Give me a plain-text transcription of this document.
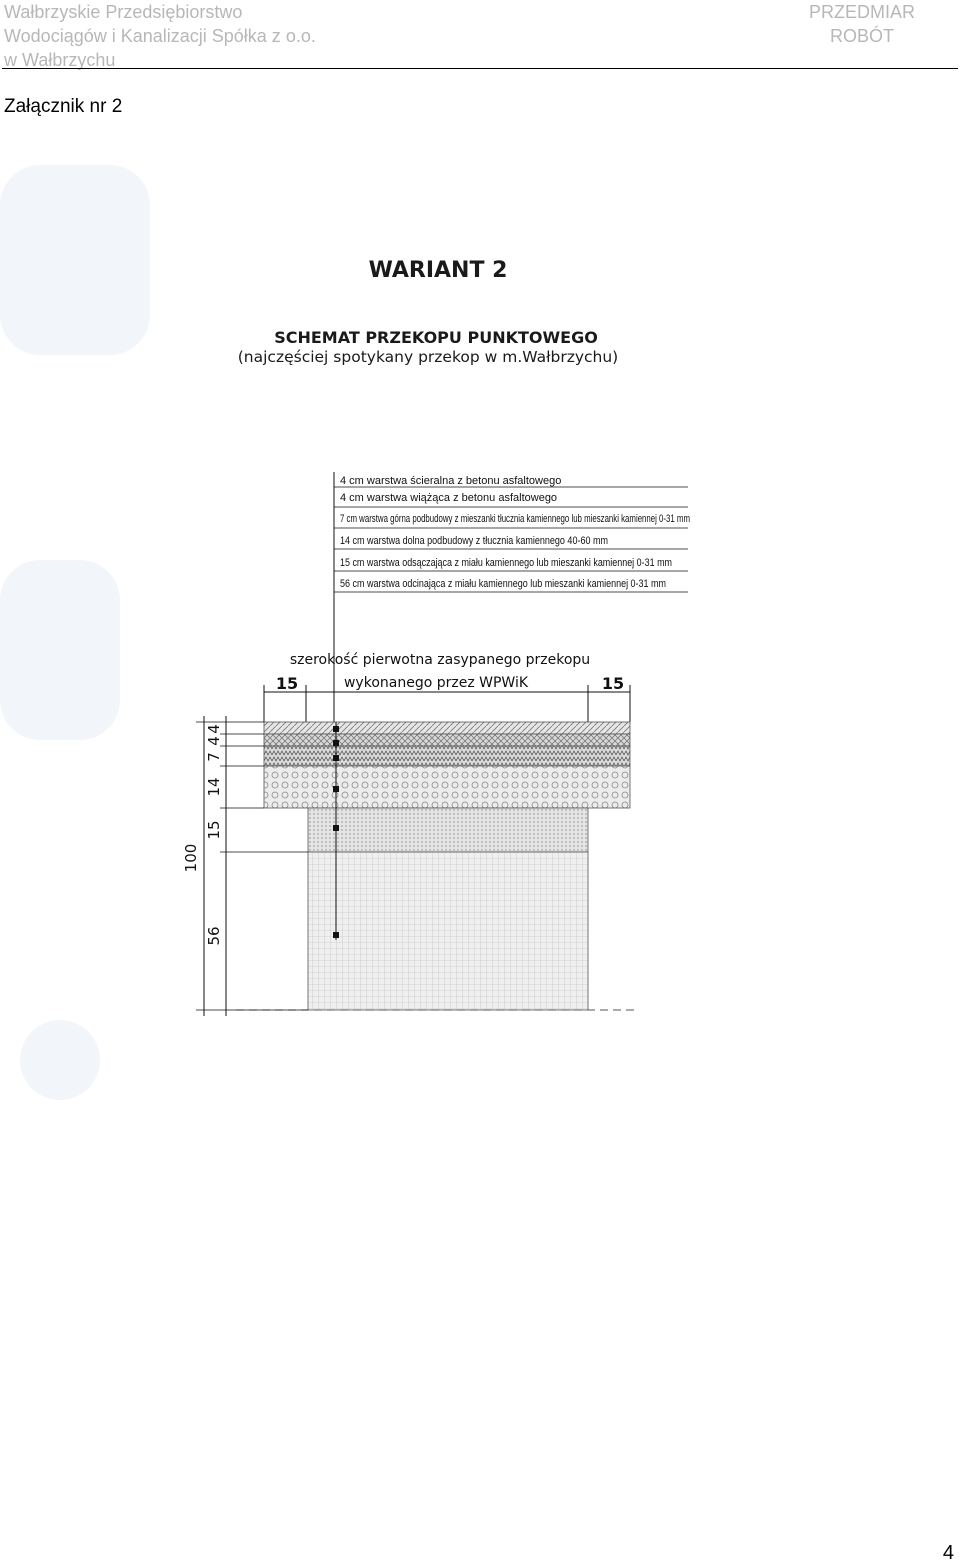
Wałbrzyskie Przedsiębiorstwo
Wodociągów i Kanalizacji Spółka z o.o.
w Wałbrzychu
PRZEDMIAR
ROBÓT
Załącznik nr 2
WARIANT 2
SCHEMAT PRZEKOPU PUNKTOWEGO
(najczęściej spotykany przekop w m.Wałbrzychu)
4 cm warstwa ścieralna z betonu asfaltowego
4 cm warstwa wiążąca z betonu asfaltowego
7 cm warstwa górna podbudowy z mieszanki tłucznia kamiennego lub mieszanki kamiennej 0-31 mm
14 cm warstwa dolna podbudowy z tłucznia kamiennego 40-60 mm
15 cm warstwa odsączająca z miału kamiennego lub mieszanki kamiennej 0-31 mm
56 cm warstwa odcinająca z miału kamiennego lub mieszanki kamiennej 0-31 mm
szerokość pierwotna zasypanego przekopu
wykonanego przez WPWiK
15	15
100
4
4
7
14
15
56
4
